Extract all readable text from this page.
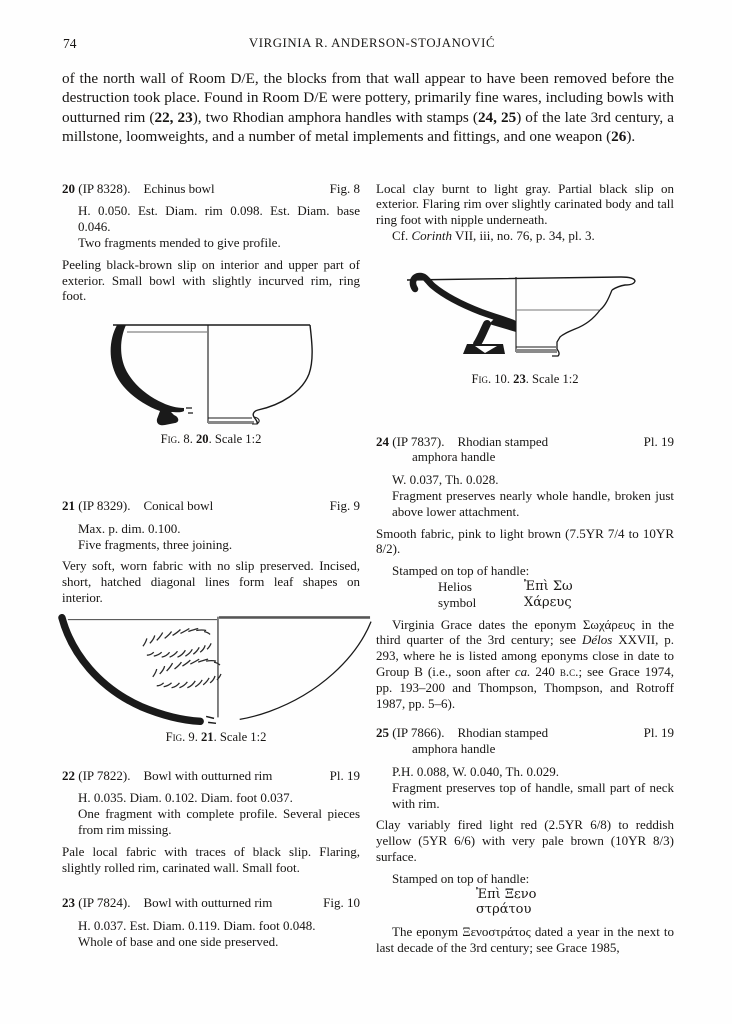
74	VIRGINIA R. ANDERSON-STOJANOVIĆ

of the north wall of Room D/E, the blocks from that wall appear to have been removed before the destruction took place. Found in Room D/E were pottery, primarily fine wares, including bowls with outturned rim (22, 23), two Rhodian amphora handles with stamps (24, 25) of the late 3rd century, a millstone, loomweights, and a number of metal implements and fittings, and one weapon (26).

20 (IP 8328). Echinus bowl	Fig. 8

H. 0.050. Est. Diam. rim 0.098. Est. Diam. base 0.046.

Two fragments mended to give profile.

Peeling black-brown slip on interior and upper part of exterior. Small bowl with slightly incurved rim, ring foot.

Fig. 8. 20. Scale 1:2
21 (IP 8329). Conical bowl	Fig. 9

Max. p. dim. 0.100.

Five fragments, three joining.

Very soft, worn fabric with no slip preserved. Incised, short, hatched diagonal lines form leaf shapes on interior.

Fig. 9. 21. Scale 1:2
22 (IP 7822). Bowl with outturned rim	Pl. 19

H. 0.035. Diam. 0.102. Diam. foot 0.037.

One fragment with complete profile. Several pieces from rim missing.

Pale local fabric with traces of black slip. Flaring, slightly rolled rim, carinated wall. Small foot.

23 (IP 7824). Bowl with outturned rim	Fig. 10

H. 0.037. Est. Diam. 0.119. Diam. foot 0.048.

Whole of base and one side preserved.

Local clay burnt to light gray. Partial black slip on exterior. Flaring rim over slightly carinated body and tall ring foot with nipple underneath.

Cf. Corinth VII, iii, no. 76, p. 34, pl. 3.

Fig. 10. 23. Scale 1:2
24 (IP 7837). Rhodian stamped	Pl. 19
amphora handle

W. 0.037, Th. 0.028.

Fragment preserves nearly whole handle, broken just above lower attachment.

Smooth fabric, pink to light brown (7.5YR 7/4 to 10YR 8/2).

Stamped on top of handle:

Helios	Ἐπὶ Σω
symbol	Χάρευς

Virginia Grace dates the eponym Σωχάρευς in the third quarter of the 3rd century; see Délos XXVII, p. 293, where he is listed among eponyms close in date to Group B (i.e., soon after ca. 240 b.c.; see Grace 1974, pp. 193–200 and Thompson, Thompson, and Rotroff 1987, pp. 5–6).

25 (IP 7866). Rhodian stamped	Pl. 19
amphora handle

P.H. 0.088, W. 0.040, Th. 0.029.

Fragment preserves top of handle, small part of neck with rim.

Clay variably fired light red (2.5YR 6/8) to reddish yellow (5YR 6/6) with very pale brown (10YR 8/3) surface.

Stamped on top of handle:

Ἐπὶ Ξενο
στράτου

The eponym Ξενοστράτος dated a year in the next to last decade of the 3rd century; see Grace 1985,
